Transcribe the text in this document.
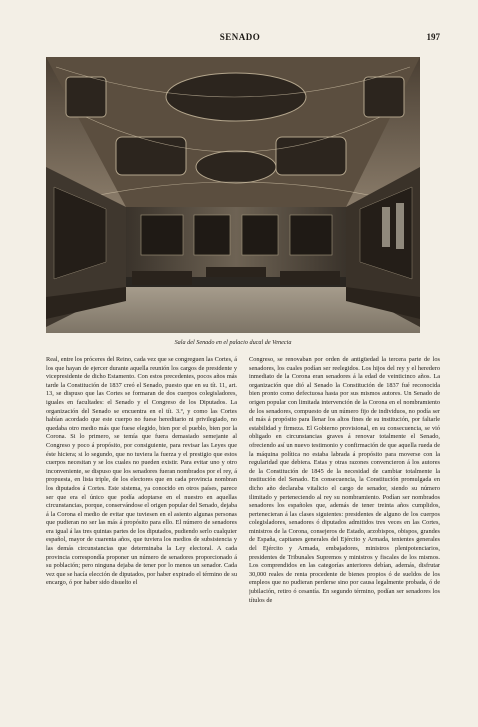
SENADO	197
Sala del Senado en el palacio ducal de Venecia

Real, entre los próceres del Reino, cada vez que se congreguen las Cortes, á los que hayan de ejercer durante aquella reunión los cargos de presidente y vicepresidente de dicho Estamento. Con estos precedentes, pocos años más tarde la Constitución de 1837 creó el Senado, puesto que en su tít. 11, art. 13, se dispuso que las Cortes se formaran de dos cuerpos colegisladores, iguales en facultades: el Senado y el Congreso de los Diputados. La organización del Senado se encuentra en el tít. 3.º, y como las Cortes habían acordado que este cuerpo no fuese hereditario ni privilegiado, no quedaba otro medio más que fuese elegido, bien por el pueblo, bien por la Corona. Si lo primero, se temía que fuera demasiado semejante al Congreso y poco á propósito, por consiguiente, para revisar las Leyes que éste hiciera; si lo segundo, que no tuviera la fuerza y el prestigio que estos cuerpos necesitan y se los cuales no pueden existir. Para evitar uno y otro inconveniente, se dispuso que los senadores fueran nombrados por el rey, á propuesta, en lista triple, de los electores que en cada provincia nombran los diputados á Cortes. Este sistema, ya conocido en otros países, parece ser que era el único que podía adoptarse en el nuestro en aquellas circunstancias, porque, conservándose el origen popular del Senado, dejaba á la Corona el medio de evitar que tuviesen en el asiento algunas personas que pudieran no ser las más á propósito para ello. El número de senadores era igual á las tres quintas partes de los diputados, pudiendo serlo cualquier español, mayor de cuarenta años, que tuviera los medios de subsistencia y las demás circunstancias que determinaba la Ley electoral. A cada provincia correspondía proponer un número de senadores proporcionado á su población; pero ninguna dejaba de tener por lo menos un senador. Cada vez que se hacía elección de diputados, por haber expirado el término de su encargo, ó por haber sido disuelto el

Congreso, se renovaban por orden de antigüedad la tercera parte de los senadores, los cuales podían ser reelegidos. Los hijos del rey y el heredero inmediato de la Corona eran senadores á la edad de veinticinco años. La organización que dió al Senado la Constitución de 1837 fué reconocida bien pronto como defectuosa hasta por sus mismos autores. Un Senado de origen popular con limitada intervención de la Corona en el nombramiento de los senadores, compuesto de un número fijo de individuos, no podía ser el más á propósito para llenar los altos fines de su institución, por faltarle estabilidad y firmeza. El Gobierno provisional, en su consecuencia, se vió obligado en circunstancias graves á renovar totalmente el Senado, ofreciendo así un nuevo testimonio y confirmación de que aquella rueda de la máquina política no estaba labrada á propósito para moverse con la regularidad que debiera. Estas y otras razones convencieron á los autores de la Constitución de 1845 de la necesidad de cambiar totalmente la institución del Senado. En consecuencia, la Constitución promulgada en dicho año declaraba vitalicio el cargo de senador, siendo su número ilimitado y perteneciendo al rey su nombramiento. Podían ser nombrados senadores los españoles que, además de tener treinta años cumplidos, pertenecieran á las clases siguientes: presidentes de alguno de los cuerpos colegisladores, senadores ó diputados admitidos tres veces en las Cortes, ministros de la Corona, consejeros de Estado, arzobispos, obispos, grandes de España, capitanes generales del Ejército y Armada, tenientes generales del Ejército y Armada, embajadores, ministros plenipotenciarios, presidentes de Tribunales Supremos y ministros y fiscales de los mismos. Los comprendidos en las categorías anteriores debían, además, disfrutar 30,000 reales de renta procedente de bienes propios ó de sueldos de los empleos que no pudieran perderse sino por causa legalmente probada, ó de jubilación, retiro ó cesantía. En segundo término, podían ser senadores los títulos de
